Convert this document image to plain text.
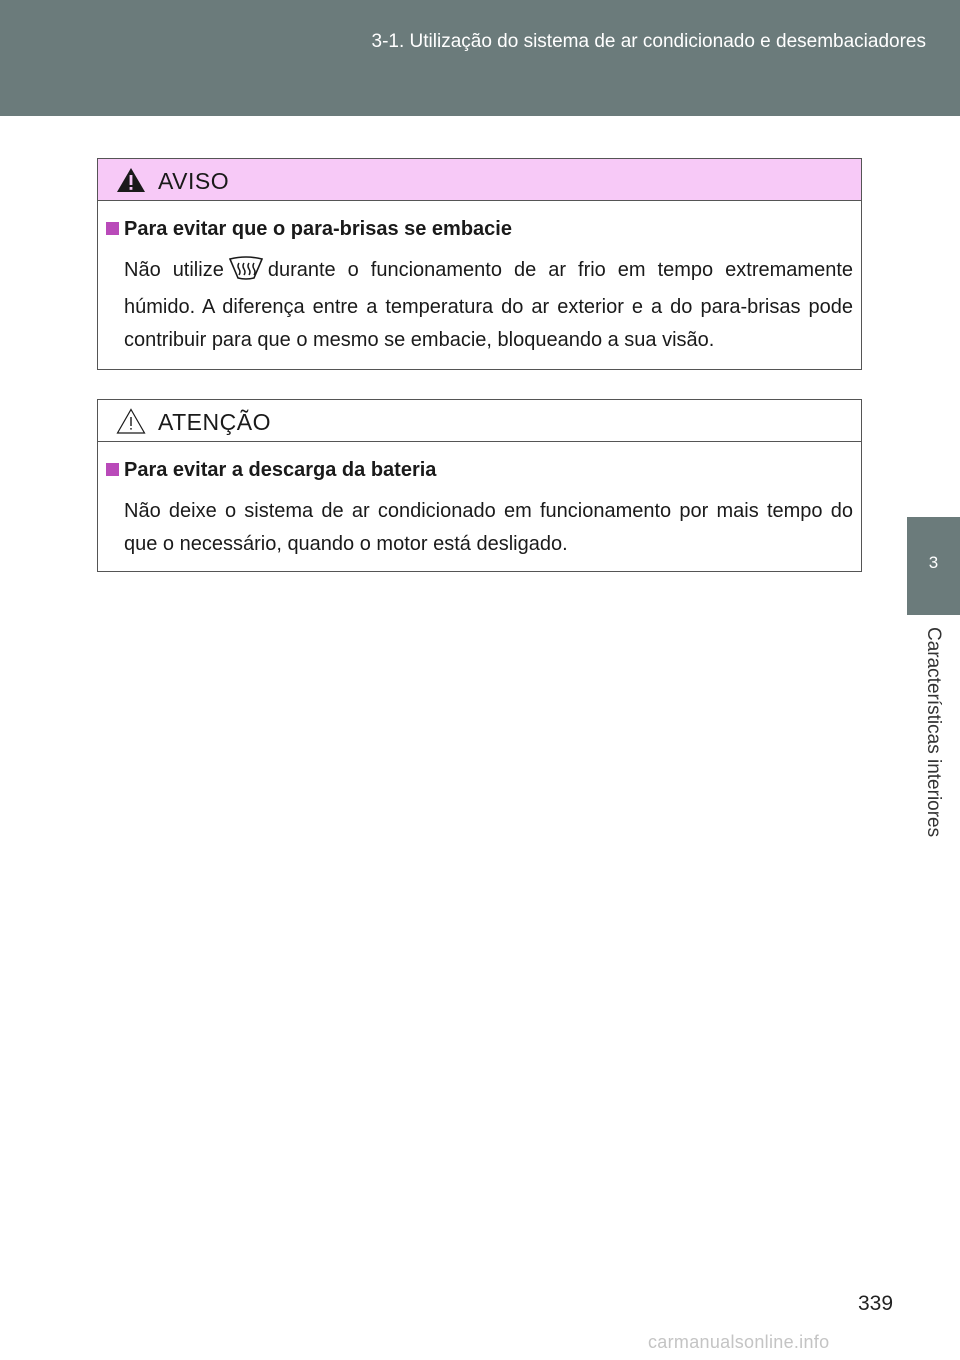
3-1. Utilização do sistema de ar condicionado e desembaciadores
3
Características interiores
AVISO
Para evitar que o para-brisas se embacie
Não utilize durante o funcionamento de ar frio em tempo extremamente húmido. A diferença entre a temperatura do ar exterior e a do para-brisas pode contribuir para que o mesmo se embacie, bloqueando a sua visão.
ATENÇÃO
Para evitar a descarga da bateria
Não deixe o sistema de ar condicionado em funcionamento por mais tempo do que o necessário, quando o motor está desligado.
339
carmanualsonline.info
